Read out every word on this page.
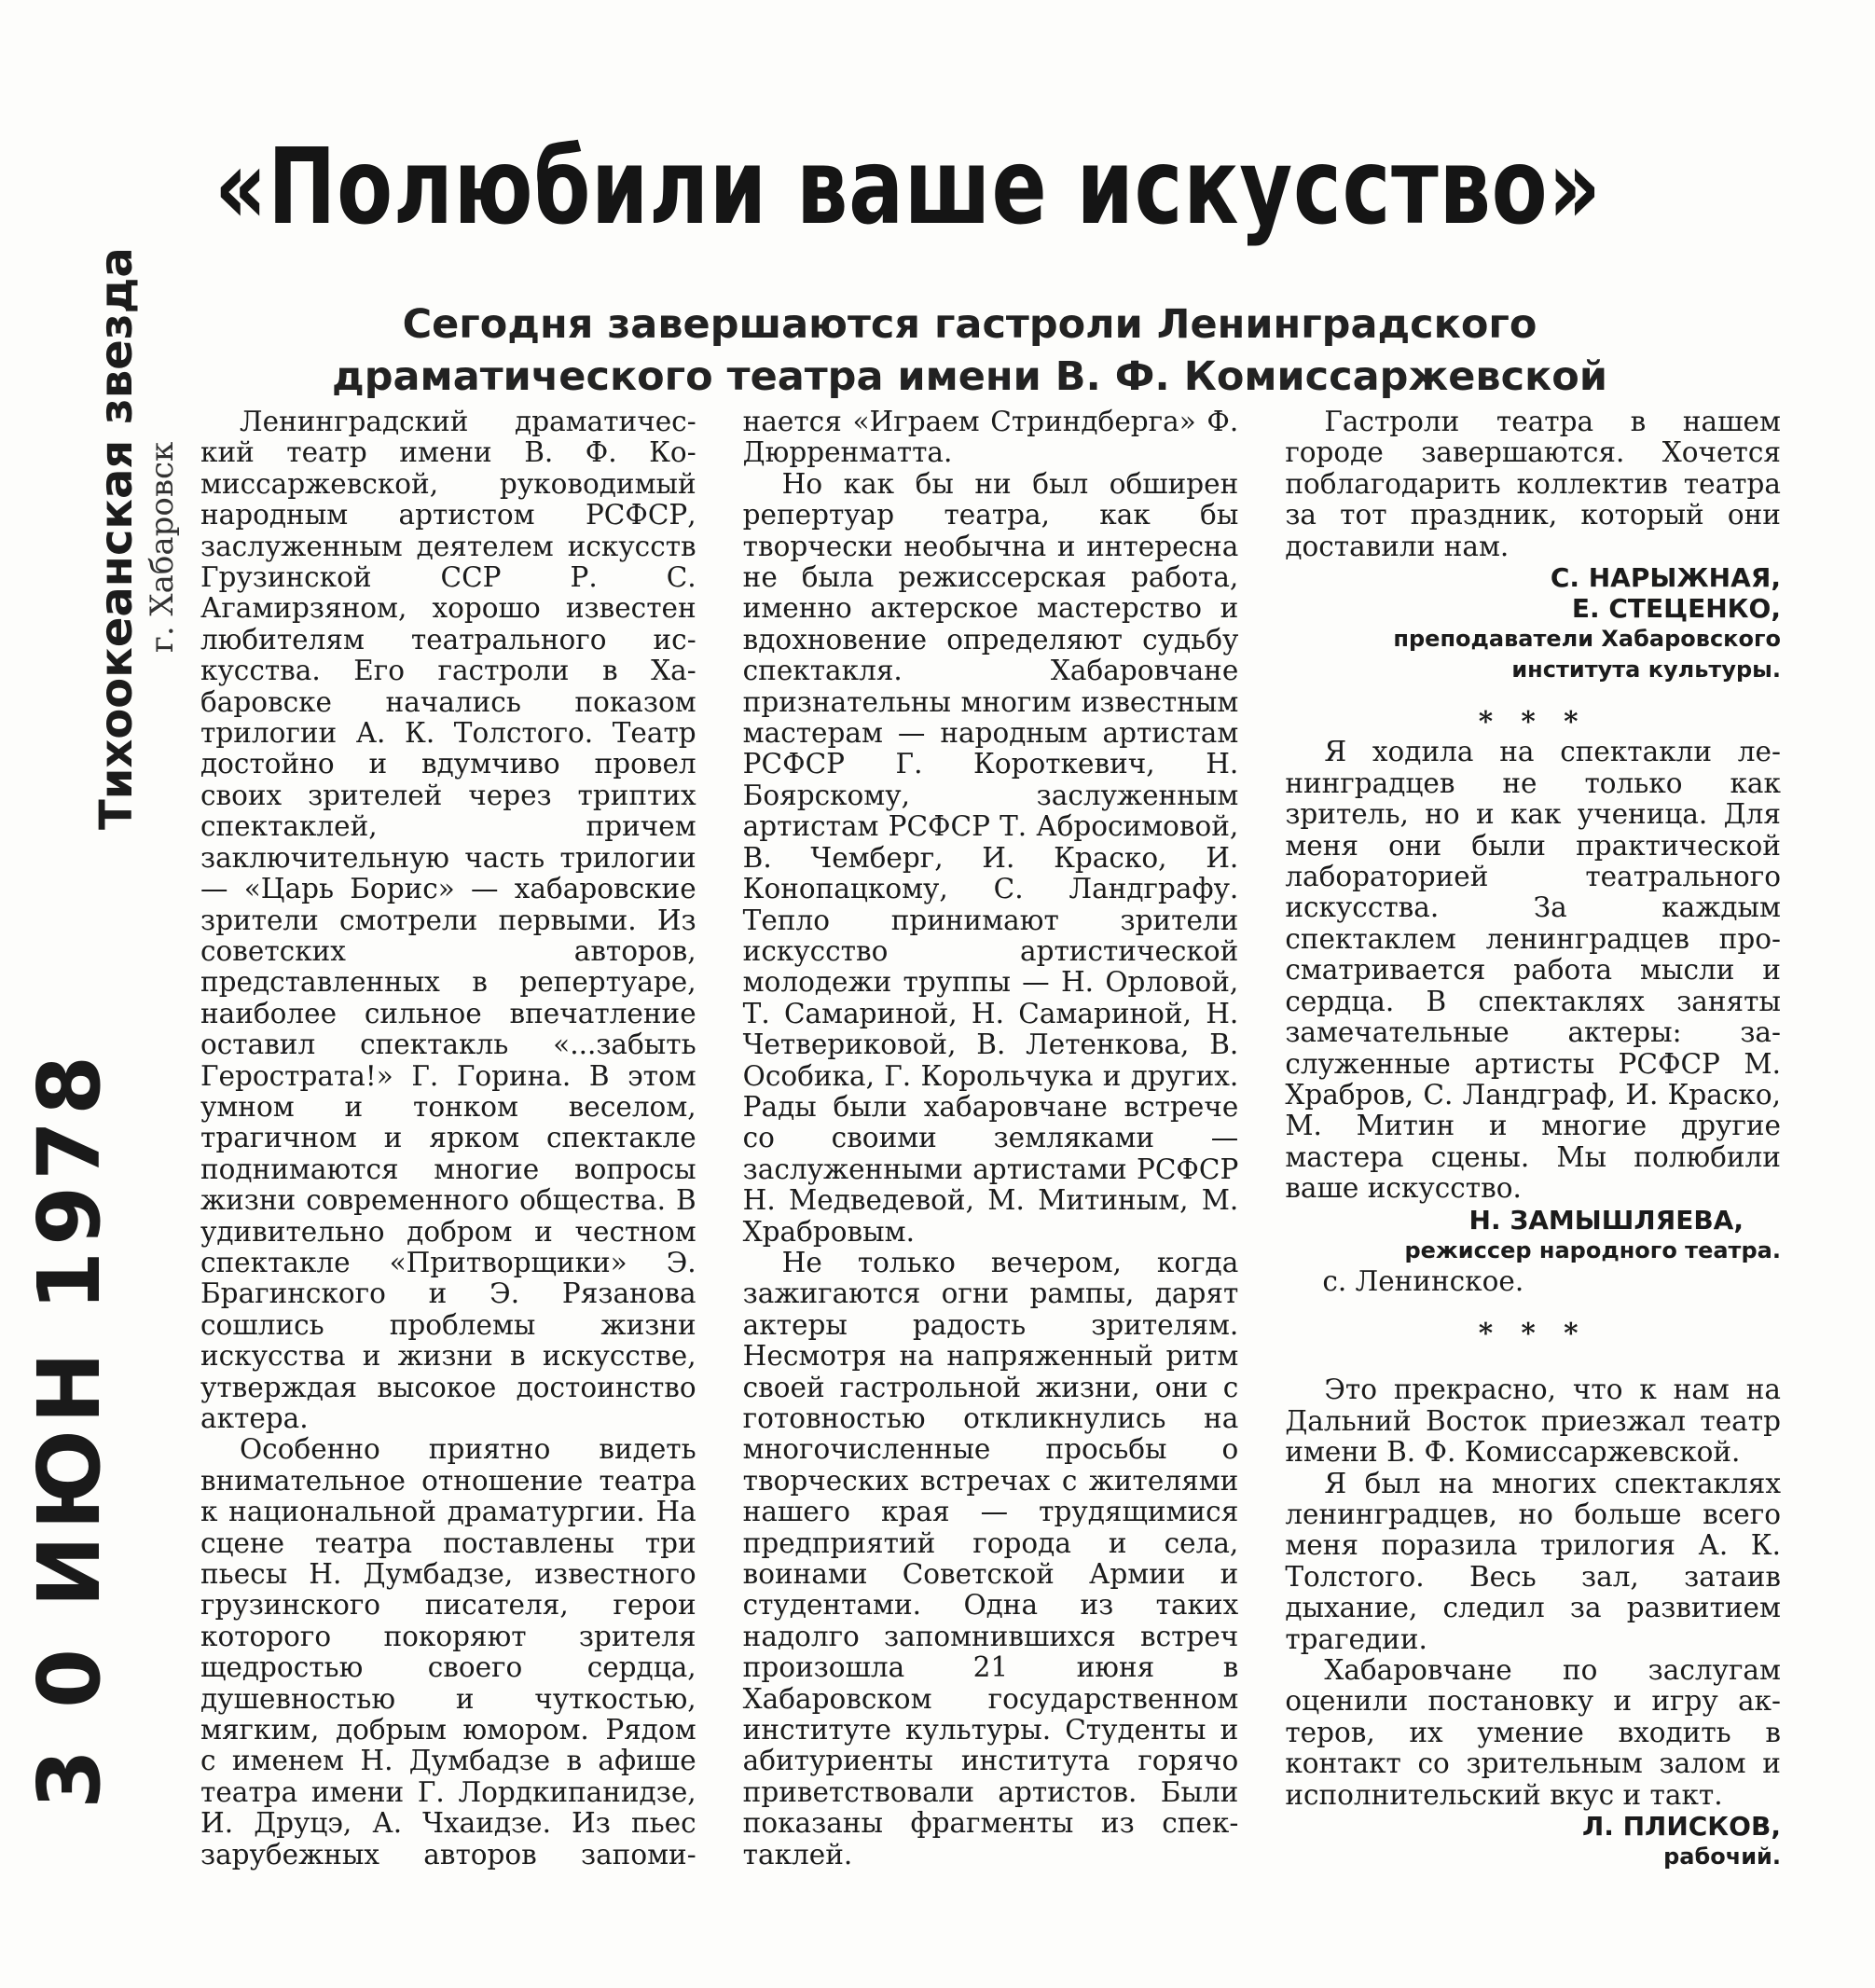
Тихоокеанская звезда г. Хабаровск
3 0 ИЮН 1978
«Полюбили ваше искусство»
Сегодня завершаются гастроли Ленинградского драматического театра имени В. Ф. Комиссаржевской

Ленинградский драматический театр имени В. Ф. Комиссаржевской, руководимый народным артистом РСФСР, заслуженным деятелем искусств Грузинской ССР Р. С. Агамирзяном, хорошо известен любителям театрального искусства. Его гастроли в Хабаровске начались показом трилогии А. К. Толстого. Театр достойно и вдумчиво провел своих зрителей через триптих спектаклей, причем заключительную часть трилогии — «Царь Борис» — хабаровские зрители смотрели первыми. Из советских авторов, представленных в репертуаре, наиболее сильное впечатление оставил спектакль «...забыть Герострата!» Г. Горина. В этом умном и тонком веселом, трагичном и ярком спектакле поднимаются многие вопросы жизни современного общества. В удивительно добром и честном спектакле «Притворщики» Э. Брагинского и Э. Рязанова сошлись проблемы жизни искусства и жизни в искусстве, утверждая высокое достоинство актера.

Особенно приятно видеть внимательное отношение театра к национальной драматургии. На сцене театра поставлены три пьесы Н. Думбадзе, известного грузинского писателя, герои которого покоряют зрителя щедростью своего сердца, душевностью и чуткостью, мягким, добрым юмором. Рядом с именем Н. Думбадзе в афише театра имени Г. Лордкипанидзе, И. Друцэ, А. Чхаидзе. Из пьес зарубежных авторов запоминается «Играем Стриндберга» Ф. Дюрренматта.

Но как бы ни был обширен репертуар театра, как бы творчески необычна и интересна не была режиссерская работа, именно актерское мастерство и вдохновение определяют судьбу спектакля. Хабаровчане признательны многим известным мастерам — народным артистам РСФСР Г. Короткевич, Н. Боярскому, заслуженным артистам РСФСР Т. Абросимовой, В. Чемберг, И. Краско, И. Конопацкому, С. Ландграфу. Тепло принимают зрители искусство артистической молодежи труппы — Н. Орловой, Т. Самариной, Н. Самариной, Н. Четвериковой, В. Летенкова, В. Особика, Г. Корольчука и других. Рады были хабаровчане встрече со своими земляками — заслуженными артистами РСФСР Н. Медведевой, М. Митиным, М. Храбровым.

Не только вечером, когда зажигаются огни рампы, дарят актеры радость зрителям. Несмотря на напряженный ритм своей гастрольной жизни, они с готовностью откликнулись на многочисленные просьбы о творческих встречах с жителями нашего края — трудящимися предприятий города и села, воинами Советской Армии и студентами. Одна из таких надолго запомнившихся встреч произошла 21 июня в Хабаровском государственном институте культуры. Студенты и абитуриенты института горячо приветствовали артистов. Были показаны фрагменты из спектаклей.

Гастроли театра в нашем городе завершаются. Хочется поблагодарить коллектив театра за тот праздник, который они доставили нам.

С. НАРЫЖНАЯ,

Е. СТЕЦЕНКО,

преподаватели Хабаровского института культуры.

* * *

Я ходила на спектакли ленинградцев не только как зритель, но и как ученица. Для меня они были практической лабораторией театрального искусства. За каждым спектаклем ленинградцев просматривается работа мысли и сердца. В спектаклях заняты замечательные актеры: заслуженные артисты РСФСР М. Храбров, С. Ландграф, И. Краско, М. Митин и многие другие мастера сцены. Мы полюбили ваше искусство.

Н. ЗАМЫШЛЯЕВА,

режиссер народного театра.

с. Ленинское.

* * *

Это прекрасно, что к нам на Дальний Восток приезжал театр имени В. Ф. Комиссаржевской.

Я был на многих спектаклях ленинградцев, но больше всего меня поразила трилогия А. К. Толстого. Весь зал, затаив дыхание, следил за развитием трагедии.

Хабаровчане по заслугам оценили постановку и игру актеров, их умение входить в контакт со зрительным залом и исполнительский вкус и такт.

Л. ПЛИСКОВ,

рабочий.
